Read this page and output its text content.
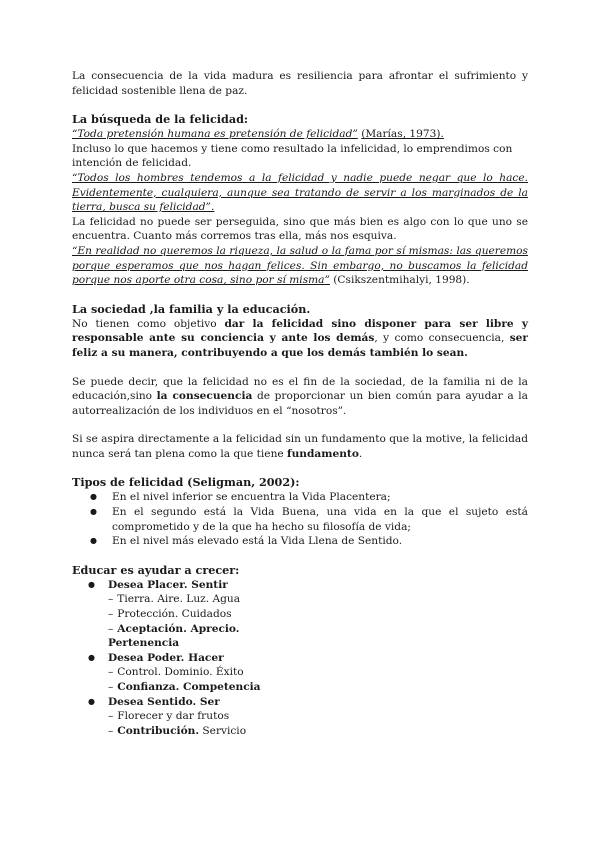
La consecuencia de la vida madura es resiliencia para afrontar el sufrimiento y felicidad sostenible llena de paz.

La búsqueda de la felicidad:

“Toda pretensión humana es pretensión de felicidad” (Marías, 1973).

Incluso lo que hacemos y tiene como resultado la infelicidad, lo emprendimos con intención de felicidad.

“Todos los hombres tendemos a la felicidad y nadie puede negar que lo hace. Evidentemente, cualquiera, aunque sea tratando de servir a los marginados de la tierra, busca su felicidad”.

La felicidad no puede ser perseguida, sino que más bien es algo con lo que uno se encuentra. Cuanto más corremos tras ella, más nos esquiva.

“En realidad no queremos la riqueza, la salud o la fama por sí mismas: las queremos porque esperamos que nos hagan felices. Sin embargo, no buscamos la felicidad porque nos aporte otra cosa, sino por sí misma” (Csikszentmihalyi, 1998).

La sociedad ,la familia y la educación.

No tienen como objetivo dar la felicidad sino disponer para ser libre y responsable ante su conciencia y ante los demás, y como consecuencia, ser feliz a su manera, contribuyendo a que los demás también lo sean.

Se puede decir, que la felicidad no es el fin de la sociedad, de la familia ni de la educación,sino la consecuencia de proporcionar un bien común para ayudar a la autorrealización de los individuos en el “nosotros”.

Si se aspira directamente a la felicidad sin un fundamento que la motive, la felicidad nunca será tan plena como la que tiene fundamento.

Tipos de felicidad (Seligman, 2002):
● En el nivel inferior se encuentra la Vida Placentera;
● En el segundo está la Vida Buena, una vida en la que el sujeto está comprometido y de la que ha hecho su filosofía de vida;
● En el nivel más elevado está la Vida Llena de Sentido.
Educar es ayudar a crecer:
● Desea Placer. Sentir
– Tierra. Aire. Luz. Agua
– Protección. Cuidados
– Aceptación. Aprecio.
Pertenencia
● Desea Poder. Hacer
– Control. Dominio. Éxito
– Confianza. Competencia
● Desea Sentido. Ser
– Florecer y dar frutos
– Contribución. Servicio
